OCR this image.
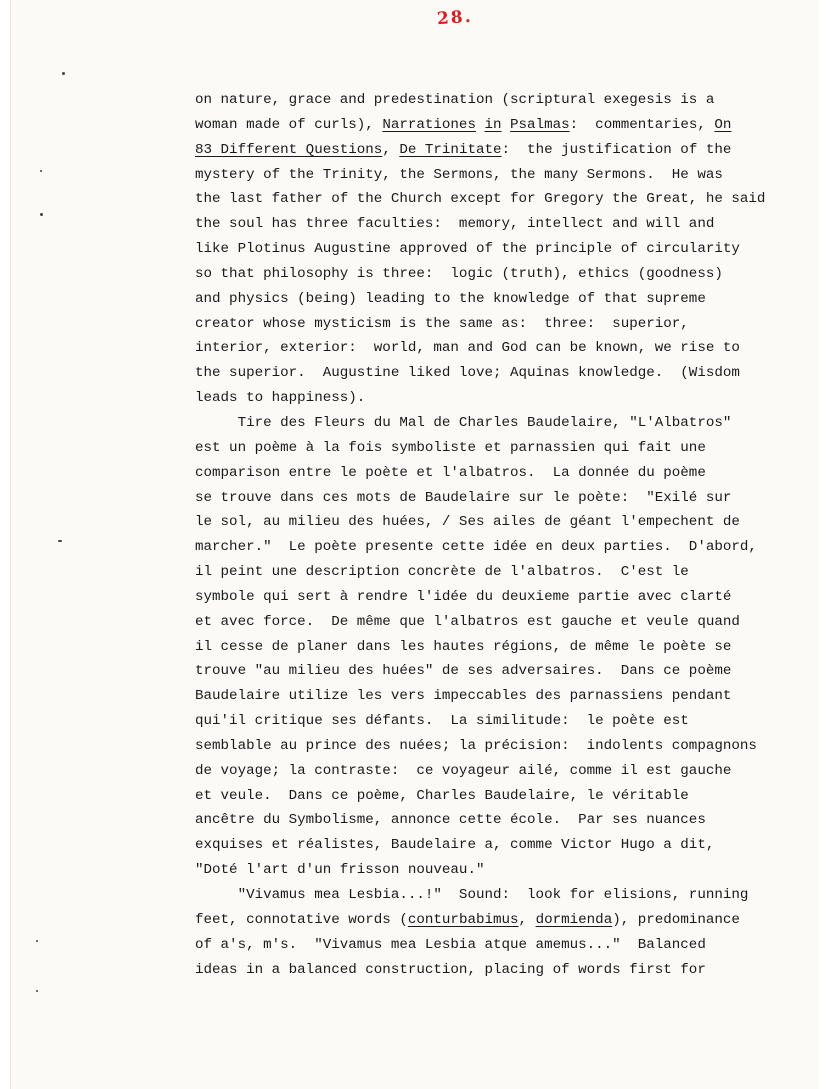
28.
on nature, grace and predestination (scriptural exegesis is a
woman made of curls), Narrationes in Psalmas:  commentaries, On
83 Different Questions, De Trinitate:  the justification of the
mystery of the Trinity, the Sermons, the many Sermons.  He was
the last father of the Church except for Gregory the Great, he said
the soul has three faculties:  memory, intellect and will and
like Plotinus Augustine approved of the principle of circularity
so that philosophy is three:  logic (truth), ethics (goodness)
and physics (being) leading to the knowledge of that supreme
creator whose mysticism is the same as:  three:  superior,
interior, exterior:  world, man and God can be known, we rise to
the superior.  Augustine liked love; Aquinas knowledge.  (Wisdom
leads to happiness).
Tire des Fleurs du Mal de Charles Baudelaire, "L'Albatros"
est un poème à la fois symboliste et parnassien qui fait une
comparison entre le poète et l'albatros.  La donnée du poème
se trouve dans ces mots de Baudelaire sur le poète:  "Exilé sur
le sol, au milieu des huées, / Ses ailes de géant l'empechent de
marcher."  Le poète presente cette idée en deux parties.  D'abord,
il peint une description concrète de l'albatros.  C'est le
symbole qui sert à rendre l'idée du deuxieme partie avec clarté
et avec force.  De même que l'albatros est gauche et veule quand
il cesse de planer dans les hautes régions, de même le poète se
trouve "au milieu des huées" de ses adversaires.  Dans ce poème
Baudelaire utilize les vers impeccables des parnassiens pendant
qui'il critique ses défants.  La similitude:  le poète est
semblable au prince des nuées; la précision:  indolents compagnons
de voyage; la contraste:  ce voyageur ailé, comme il est gauche
et veule.  Dans ce poème, Charles Baudelaire, le véritable
ancêtre du Symbolisme, annonce cette école.  Par ses nuances
exquises et réalistes, Baudelaire a, comme Victor Hugo a dit,
"Doté l'art d'un frisson nouveau."
"Vivamus mea Lesbia...!"  Sound:  look for elisions, running
feet, connotative words (conturbabimus, dormienda), predominance
of a's, m's.  "Vivamus mea Lesbia atque amemus..."  Balanced
ideas in a balanced construction, placing of words first for
